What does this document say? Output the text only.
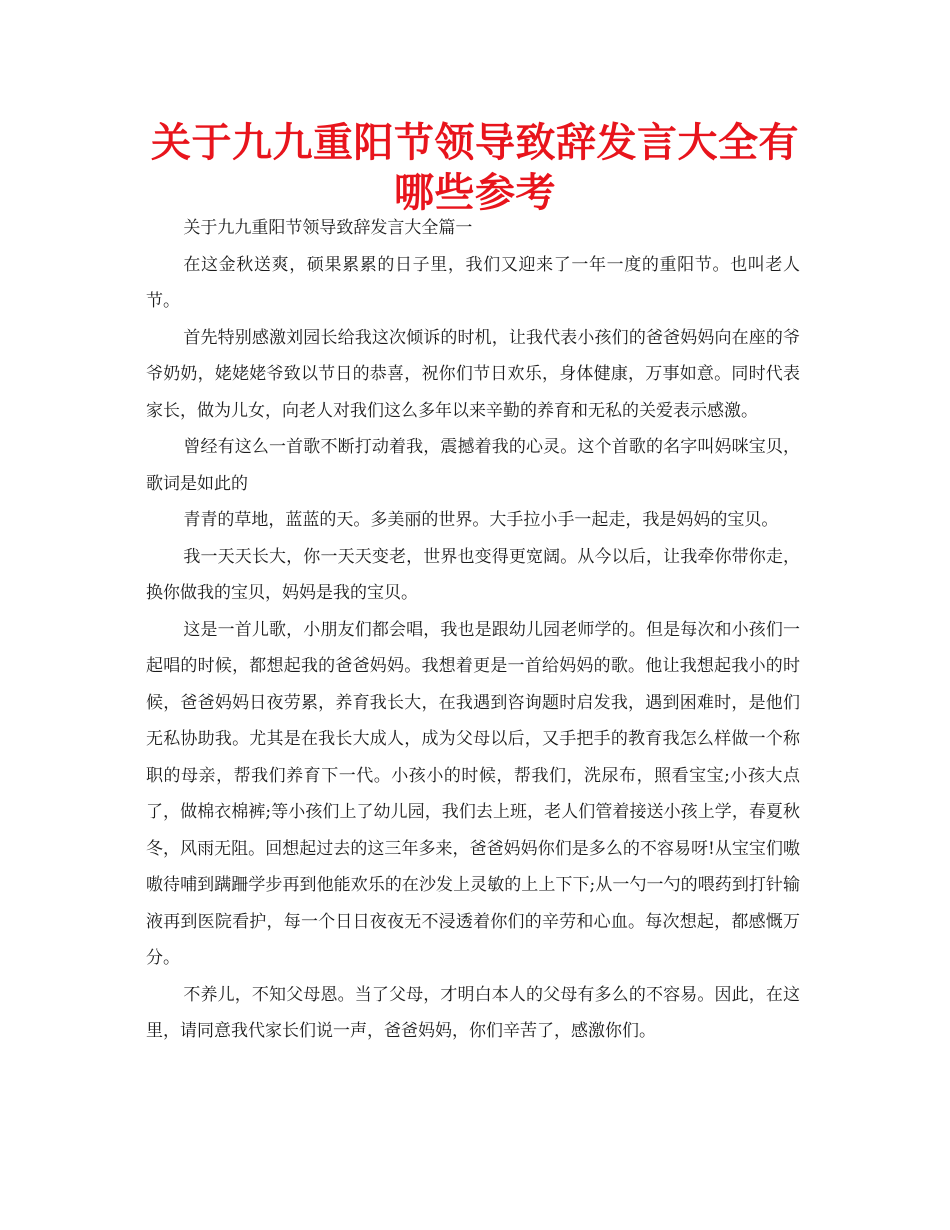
关于九九重阳节领导致辞发言大全有哪些参考

关于九九重阳节领导致辞发言大全篇一

在这金秋送爽，硕果累累的日子里，我们又迎来了一年一度的重阳节。也叫老人节。

首先特别感激刘园长给我这次倾诉的时机，让我代表小孩们的爸爸妈妈向在座的爷爷奶奶，姥姥姥爷致以节日的恭喜，祝你们节日欢乐，身体健康，万事如意。同时代表家长，做为儿女，向老人对我们这么多年以来辛勤的养育和无私的关爱表示感激。

曾经有这么一首歌不断打动着我，震撼着我的心灵。这个首歌的名字叫妈咪宝贝，歌词是如此的

青青的草地，蓝蓝的天。多美丽的世界。大手拉小手一起走，我是妈妈的宝贝。

我一天天长大，你一天天变老，世界也变得更宽阔。从今以后，让我牵你带你走，换你做我的宝贝，妈妈是我的宝贝。

这是一首儿歌，小朋友们都会唱，我也是跟幼儿园老师学的。但是每次和小孩们一起唱的时候，都想起我的爸爸妈妈。我想着更是一首给妈妈的歌。他让我想起我小的时候，爸爸妈妈日夜劳累，养育我长大，在我遇到咨询题时启发我，遇到困难时，是他们无私协助我。尤其是在我长大成人，成为父母以后，又手把手的教育我怎么样做一个称职的母亲，帮我们养育下一代。小孩小的时候，帮我们，洗尿布，照看宝宝;小孩大点了，做棉衣棉裤;等小孩们上了幼儿园，我们去上班，老人们管着接送小孩上学，春夏秋冬，风雨无阻。回想起过去的这三年多来，爸爸妈妈你们是多么的不容易呀!从宝宝们嗷嗷待哺到蹒跚学步再到他能欢乐的在沙发上灵敏的上上下下;从一勺一勺的喂药到打针输液再到医院看护，每一个日日夜夜无不浸透着你们的辛劳和心血。每次想起，都感慨万分。

不养儿，不知父母恩。当了父母，才明白本人的父母有多么的不容易。因此，在这里，请同意我代家长们说一声，爸爸妈妈，你们辛苦了，感激你们。
